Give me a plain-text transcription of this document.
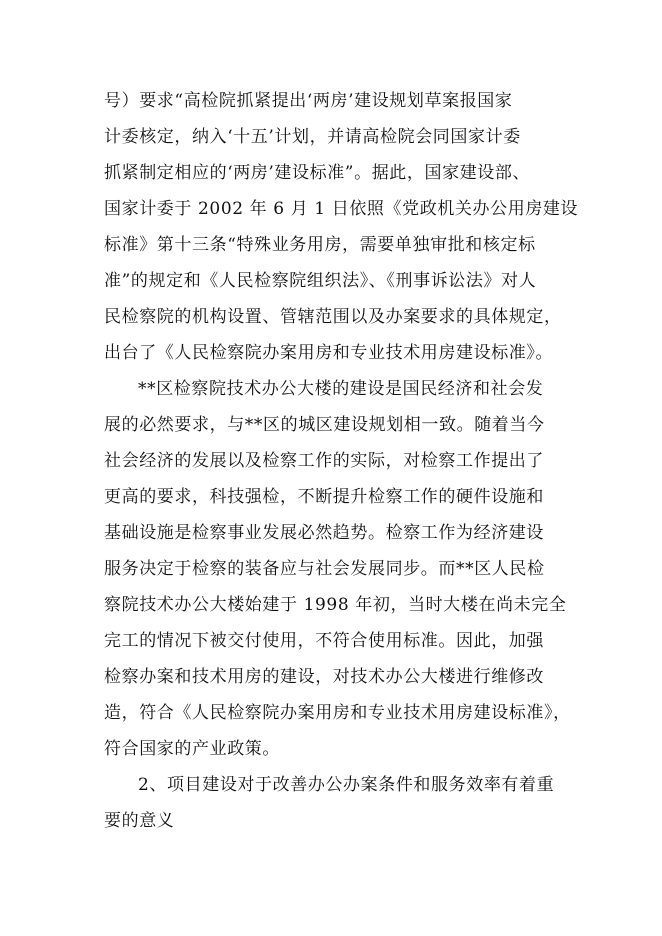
号）要求“高检院抓紧提出‘两房’建设规划草案报国家
计委核定，纳入‘十五’计划，并请高检院会同国家计委
抓紧制定相应的‘两房’建设标准”。据此，国家建设部、
国家计委于 2002 年 6 月 1 日依照《党政机关办公用房建设
标准》第十三条“特殊业务用房，需要单独审批和核定标
准”的规定和《人民检察院组织法》、《刑事诉讼法》对人
民检察院的机构设置、管辖范围以及办案要求的具体规定，
出台了《人民检察院办案用房和专业技术用房建设标准》。
**区检察院技术办公大楼的建设是国民经济和社会发
展的必然要求，与**区的城区建设规划相一致。随着当今
社会经济的发展以及检察工作的实际，对检察工作提出了
更高的要求，科技强检，不断提升检察工作的硬件设施和
基础设施是检察事业发展必然趋势。检察工作为经济建设
服务决定于检察的装备应与社会发展同步。而**区人民检
察院技术办公大楼始建于 1998 年初，当时大楼在尚未完全
完工的情况下被交付使用，不符合使用标准。因此，加强
检察办案和技术用房的建设，对技术办公大楼进行维修改
造，符合《人民检察院办案用房和专业技术用房建设标准》，
符合国家的产业政策。
2、项目建设对于改善办公办案条件和服务效率有着重
要的意义
